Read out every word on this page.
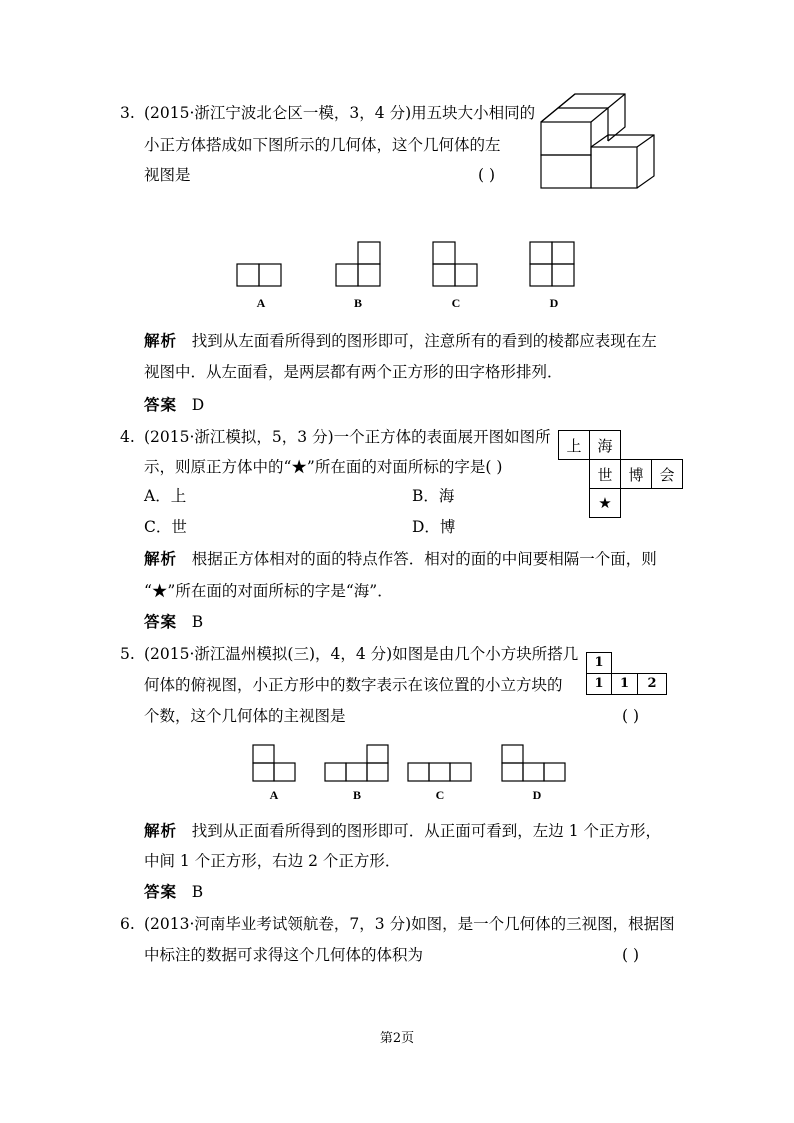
3. (2015·浙江宁波北仑区一模，3，4 分)用五块大小相同的
小正方体搭成如下图所示的几何体，这个几何体的左
视图是	( )
A	B	C	D
解析 找到从左面看所得到的图形即可，注意所有的看到的棱都应表现在左
视图中．从左面看，是两层都有两个正方形的田字格形排列．
答案 D
4. (2015·浙江模拟，5，3 分)一个正方体的表面展开图如图所
示，则原正方体中的“★”所在面的对面所标的字是( )
A．上	B．海
C．世	D．博
上	海		
	世	博	会
	★		
解析 根据正方体相对的面的特点作答．相对的面的中间要相隔一个面，则
“★”所在面的对面所标的字是“海”．
答案 B
5. (2015·浙江温州模拟(三)，4，4 分)如图是由几个小方块所搭几
何体的俯视图，小正方形中的数字表示在该位置的小立方块的
个数，这个几何体的主视图是	( )
1
1	1	2
A	B	C	D
解析 找到从正面看所得到的图形即可．从正面可看到，左边 1 个正方形，
中间 1 个正方形，右边 2 个正方形．
答案 B
6. (2013·河南毕业考试领航卷，7，3 分)如图，是一个几何体的三视图，根据图
中标注的数据可求得这个几何体的体积为	( )
第2页
